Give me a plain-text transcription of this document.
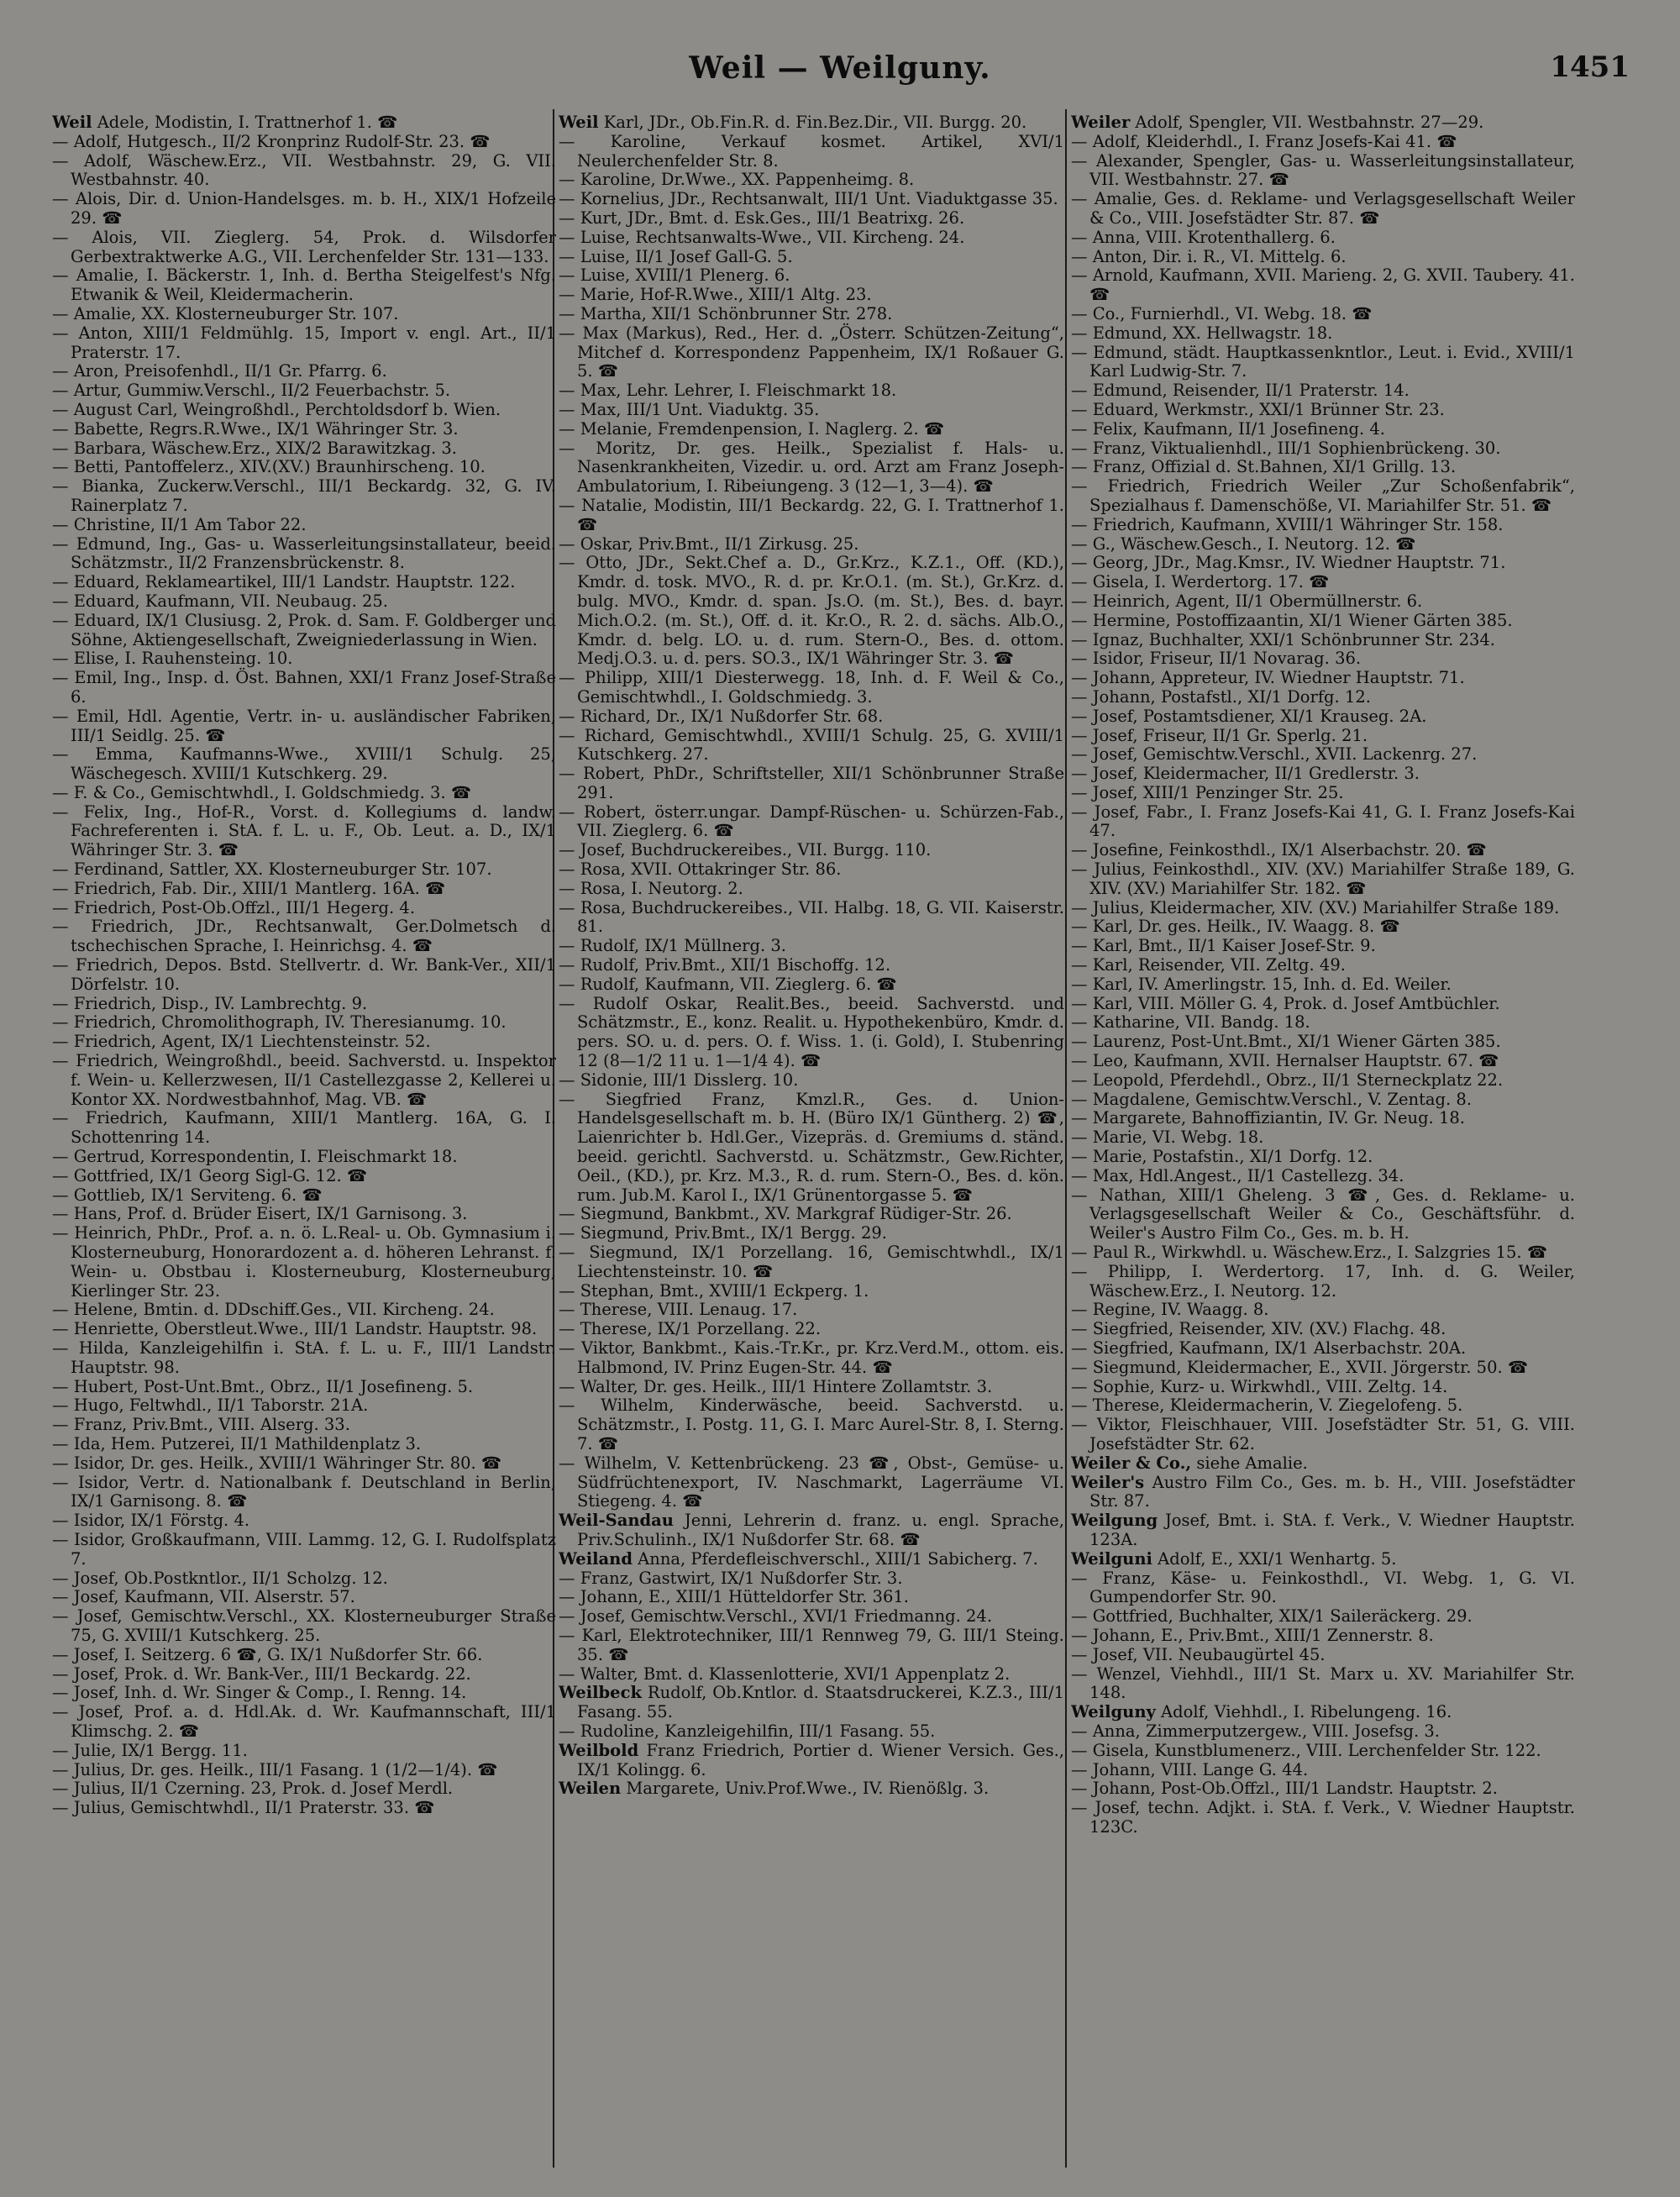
Weil — Weilguny.	1451

Weil Adele, Modistin, I. Trattnerhof 1. ☎

— Adolf, Hutgesch., II/2 Kronprinz Rudolf-Str. 23. ☎

— Adolf, Wäschew.Erz., VII. Westbahnstr. 29, G. VII. Westbahnstr. 40.

— Alois, Dir. d. Union-Handelsges. m. b. H., XIX/1 Hofzeile 29. ☎

— Alois, VII. Zieglerg. 54, Prok. d. Wilsdorfer Gerbextraktwerke A.G., VII. Lerchenfelder Str. 131—133.

— Amalie, I. Bäckerstr. 1, Inh. d. Bertha Steigelfest's Nfg. Etwanik & Weil, Kleidermacherin.

— Amalie, XX. Klosterneuburger Str. 107.

— Anton, XIII/1 Feldmühlg. 15, Import v. engl. Art., II/1 Praterstr. 17.

— Aron, Preisofenhdl., II/1 Gr. Pfarrg. 6.

— Artur, Gummiw.Verschl., II/2 Feuerbachstr. 5.

— August Carl, Weingroßhdl., Perchtoldsdorf b. Wien.

— Babette, Regrs.R.Wwe., IX/1 Währinger Str. 3.

— Barbara, Wäschew.Erz., XIX/2 Barawitzkag. 3.

— Betti, Pantoffelerz., XIV.(XV.) Braunhirscheng. 10.

— Bianka, Zuckerw.Verschl., III/1 Beckardg. 32, G. IV. Rainerplatz 7.

— Christine, II/1 Am Tabor 22.

— Edmund, Ing., Gas- u. Wasserleitungsinstallateur, beeid. Schätzmstr., II/2 Franzensbrückenstr. 8.

— Eduard, Reklameartikel, III/1 Landstr. Hauptstr. 122.

— Eduard, Kaufmann, VII. Neubaug. 25.

— Eduard, IX/1 Clusiusg. 2, Prok. d. Sam. F. Goldberger und Söhne, Aktiengesellschaft, Zweigniederlassung in Wien.

— Elise, I. Rauhensteing. 10.

— Emil, Ing., Insp. d. Öst. Bahnen, XXI/1 Franz Josef-Straße 6.

— Emil, Hdl. Agentie, Vertr. in- u. ausländischer Fabriken, III/1 Seidlg. 25. ☎

— Emma, Kaufmanns-Wwe., XVIII/1 Schulg. 25, Wäschegesch. XVIII/1 Kutschkerg. 29.

— F. & Co., Gemischtwhdl., I. Goldschmiedg. 3. ☎

— Felix, Ing., Hof-R., Vorst. d. Kollegiums d. landw. Fachreferenten i. StA. f. L. u. F., Ob. Leut. a. D., IX/1 Währinger Str. 3. ☎

— Ferdinand, Sattler, XX. Klosterneuburger Str. 107.

— Friedrich, Fab. Dir., XIII/1 Mantlerg. 16A. ☎

— Friedrich, Post-Ob.Offzl., III/1 Hegerg. 4.

— Friedrich, JDr., Rechtsanwalt, Ger.Dolmetsch d. tschechischen Sprache, I. Heinrichsg. 4. ☎

— Friedrich, Depos. Bstd. Stellvertr. d. Wr. Bank-Ver., XII/1 Dörfelstr. 10.

— Friedrich, Disp., IV. Lambrechtg. 9.

— Friedrich, Chromolithograph, IV. Theresianumg. 10.

— Friedrich, Agent, IX/1 Liechtensteinstr. 52.

— Friedrich, Weingroßhdl., beeid. Sachverstd. u. Inspektor f. Wein- u. Kellerzwesen, II/1 Castellezgasse 2, Kellerei u. Kontor XX. Nordwestbahnhof, Mag. VB. ☎

— Friedrich, Kaufmann, XIII/1 Mantlerg. 16A, G. I. Schottenring 14.

— Gertrud, Korrespondentin, I. Fleischmarkt 18.

— Gottfried, IX/1 Georg Sigl-G. 12. ☎

— Gottlieb, IX/1 Serviteng. 6. ☎

— Hans, Prof. d. Brüder Eisert, IX/1 Garnisong. 3.

— Heinrich, PhDr., Prof. a. n. ö. L.Real- u. Ob. Gymnasium i. Klosterneuburg, Honorardozent a. d. höheren Lehranst. f. Wein- u. Obstbau i. Klosterneuburg, Klosterneuburg, Kierlinger Str. 23.

— Helene, Bmtin. d. DDschiff.Ges., VII. Kircheng. 24.

— Henriette, Oberstleut.Wwe., III/1 Landstr. Hauptstr. 98.

— Hilda, Kanzleigehilfin i. StA. f. L. u. F., III/1 Landstr. Hauptstr. 98.

— Hubert, Post-Unt.Bmt., Obrz., II/1 Josefineng. 5.

— Hugo, Feltwhdl., II/1 Taborstr. 21A.

— Franz, Priv.Bmt., VIII. Alserg. 33.

— Ida, Hem. Putzerei, II/1 Mathildenplatz 3.

— Isidor, Dr. ges. Heilk., XVIII/1 Währinger Str. 80. ☎

— Isidor, Vertr. d. Nationalbank f. Deutschland in Berlin, IX/1 Garnisong. 8. ☎

— Isidor, IX/1 Förstg. 4.

— Isidor, Großkaufmann, VIII. Lammg. 12, G. I. Rudolfsplatz 7.

— Josef, Ob.Postkntlor., II/1 Scholzg. 12.

— Josef, Kaufmann, VII. Alserstr. 57.

— Josef, Gemischtw.Verschl., XX. Klosterneuburger Straße 75, G. XVIII/1 Kutschkerg. 25.

— Josef, I. Seitzerg. 6 ☎, G. IX/1 Nußdorfer Str. 66.

— Josef, Prok. d. Wr. Bank-Ver., III/1 Beckardg. 22.

— Josef, Inh. d. Wr. Singer & Comp., I. Renng. 14.

— Josef, Prof. a. d. Hdl.Ak. d. Wr. Kaufmannschaft, III/1 Klimschg. 2. ☎

— Julie, IX/1 Bergg. 11.

— Julius, Dr. ges. Heilk., III/1 Fasang. 1 (1/2—1/4). ☎

— Julius, II/1 Czerning. 23, Prok. d. Josef Merdl.

— Julius, Gemischtwhdl., II/1 Praterstr. 33. ☎

Weil Karl, JDr., Ob.Fin.R. d. Fin.Bez.Dir., VII. Burgg. 20.

— Karoline, Verkauf kosmet. Artikel, XVI/1 Neulerchenfelder Str. 8.

— Karoline, Dr.Wwe., XX. Pappenheimg. 8.

— Kornelius, JDr., Rechtsanwalt, III/1 Unt. Viaduktgasse 35.

— Kurt, JDr., Bmt. d. Esk.Ges., III/1 Beatrixg. 26.

— Luise, Rechtsanwalts-Wwe., VII. Kircheng. 24.

— Luise, II/1 Josef Gall-G. 5.

— Luise, XVIII/1 Plenerg. 6.

— Marie, Hof-R.Wwe., XIII/1 Altg. 23.

— Martha, XII/1 Schönbrunner Str. 278.

— Max (Markus), Red., Her. d. „Österr. Schützen-Zeitung“, Mitchef d. Korrespondenz Pappenheim, IX/1 Roßauer G. 5. ☎

— Max, Lehr. Lehrer, I. Fleischmarkt 18.

— Max, III/1 Unt. Viaduktg. 35.

— Melanie, Fremdenpension, I. Naglerg. 2. ☎

— Moritz, Dr. ges. Heilk., Spezialist f. Hals- u. Nasenkrankheiten, Vizedir. u. ord. Arzt am Franz Joseph-Ambulatorium, I. Ribeiungeng. 3 (12—1, 3—4). ☎

— Natalie, Modistin, III/1 Beckardg. 22, G. I. Trattnerhof 1. ☎

— Oskar, Priv.Bmt., II/1 Zirkusg. 25.

— Otto, JDr., Sekt.Chef a. D., Gr.Krz., K.Z.1., Off. (KD.), Kmdr. d. tosk. MVO., R. d. pr. Kr.O.1. (m. St.), Gr.Krz. d. bulg. MVO., Kmdr. d. span. Js.O. (m. St.), Bes. d. bayr. Mich.O.2. (m. St.), Off. d. it. Kr.O., R. 2. d. sächs. Alb.O., Kmdr. d. belg. LO. u. d. rum. Stern-O., Bes. d. ottom. Medj.O.3. u. d. pers. SO.3., IX/1 Währinger Str. 3. ☎

— Philipp, XIII/1 Diesterwegg. 18, Inh. d. F. Weil & Co., Gemischtwhdl., I. Goldschmiedg. 3.

— Richard, Dr., IX/1 Nußdorfer Str. 68.

— Richard, Gemischtwhdl., XVIII/1 Schulg. 25, G. XVIII/1 Kutschkerg. 27.

— Robert, PhDr., Schriftsteller, XII/1 Schönbrunner Straße 291.

— Robert, österr.ungar. Dampf-Rüschen- u. Schürzen-Fab., VII. Zieglerg. 6. ☎

— Josef, Buchdruckereibes., VII. Burgg. 110.

— Rosa, XVII. Ottakringer Str. 86.

— Rosa, I. Neutorg. 2.

— Rosa, Buchdruckereibes., VII. Halbg. 18, G. VII. Kaiserstr. 81.

— Rudolf, IX/1 Müllnerg. 3.

— Rudolf, Priv.Bmt., XII/1 Bischoffg. 12.

— Rudolf, Kaufmann, VII. Zieglerg. 6. ☎

— Rudolf Oskar, Realit.Bes., beeid. Sachverstd. und Schätzmstr., E., konz. Realit. u. Hypothekenbüro, Kmdr. d. pers. SO. u. d. pers. O. f. Wiss. 1. (i. Gold), I. Stubenring 12 (8—1/2 11 u. 1—1/4 4). ☎

— Sidonie, III/1 Disslerg. 10.

— Siegfried Franz, Kmzl.R., Ges. d. Union-Handelsgesellschaft m. b. H. (Büro IX/1 Güntherg. 2) ☎, Laienrichter b. Hdl.Ger., Vizepräs. d. Gremiums d. ständ. beeid. gerichtl. Sachverstd. u. Schätzmstr., Gew.Richter, Oeil., (KD.), pr. Krz. M.3., R. d. rum. Stern-O., Bes. d. kön. rum. Jub.M. Karol I., IX/1 Grünentorgasse 5. ☎

— Siegmund, Bankbmt., XV. Markgraf Rüdiger-Str. 26.

— Siegmund, Priv.Bmt., IX/1 Bergg. 29.

— Siegmund, IX/1 Porzellang. 16, Gemischtwhdl., IX/1 Liechtensteinstr. 10. ☎

— Stephan, Bmt., XVIII/1 Eckperg. 1.

— Therese, VIII. Lenaug. 17.

— Therese, IX/1 Porzellang. 22.

— Viktor, Bankbmt., Kais.-Tr.Kr., pr. Krz.Verd.M., ottom. eis. Halbmond, IV. Prinz Eugen-Str. 44. ☎

— Walter, Dr. ges. Heilk., III/1 Hintere Zollamtstr. 3.

— Wilhelm, Kinderwäsche, beeid. Sachverstd. u. Schätzmstr., I. Postg. 11, G. I. Marc Aurel-Str. 8, I. Sterng. 7. ☎

— Wilhelm, V. Kettenbrückeng. 23 ☎, Obst-, Gemüse- u. Südfrüchtenexport, IV. Naschmarkt, Lagerräume VI. Stiegeng. 4. ☎

Weil-Sandau Jenni, Lehrerin d. franz. u. engl. Sprache, Priv.Schulinh., IX/1 Nußdorfer Str. 68. ☎

Weiland Anna, Pferdefleischverschl., XIII/1 Sabicherg. 7.

— Franz, Gastwirt, IX/1 Nußdorfer Str. 3.

— Johann, E., XIII/1 Hütteldorfer Str. 361.

— Josef, Gemischtw.Verschl., XVI/1 Friedmanng. 24.

— Karl, Elektrotechniker, III/1 Rennweg 79, G. III/1 Steing. 35. ☎

— Walter, Bmt. d. Klassenlotterie, XVI/1 Appenplatz 2.

Weilbeck Rudolf, Ob.Kntlor. d. Staatsdruckerei, K.Z.3., III/1 Fasang. 55.

— Rudoline, Kanzleigehilfin, III/1 Fasang. 55.

Weilbold Franz Friedrich, Portier d. Wiener Versich. Ges., IX/1 Kolingg. 6.

Weilen Margarete, Univ.Prof.Wwe., IV. Rienößlg. 3.

Weiler Adolf, Spengler, VII. Westbahnstr. 27—29.

— Adolf, Kleiderhdl., I. Franz Josefs-Kai 41. ☎

— Alexander, Spengler, Gas- u. Wasserleitungsinstallateur, VII. Westbahnstr. 27. ☎

— Amalie, Ges. d. Reklame- und Verlagsgesellschaft Weiler & Co., VIII. Josefstädter Str. 87. ☎

— Anna, VIII. Krotenthallerg. 6.

— Anton, Dir. i. R., VI. Mittelg. 6.

— Arnold, Kaufmann, XVII. Marieng. 2, G. XVII. Taubery. 41. ☎

— Co., Furnierhdl., VI. Webg. 18. ☎

— Edmund, XX. Hellwagstr. 18.

— Edmund, städt. Hauptkassenkntlor., Leut. i. Evid., XVIII/1 Karl Ludwig-Str. 7.

— Edmund, Reisender, II/1 Praterstr. 14.

— Eduard, Werkmstr., XXI/1 Brünner Str. 23.

— Felix, Kaufmann, II/1 Josefineng. 4.

— Franz, Viktualienhdl., III/1 Sophienbrückeng. 30.

— Franz, Offizial d. St.Bahnen, XI/1 Grillg. 13.

— Friedrich, Friedrich Weiler „Zur Schoßenfabrik“, Spezialhaus f. Damenschöße, VI. Mariahilfer Str. 51. ☎

— Friedrich, Kaufmann, XVIII/1 Währinger Str. 158.

— G., Wäschew.Gesch., I. Neutorg. 12. ☎

— Georg, JDr., Mag.Kmsr., IV. Wiedner Hauptstr. 71.

— Gisela, I. Werdertorg. 17. ☎

— Heinrich, Agent, II/1 Obermüllnerstr. 6.

— Hermine, Postoffizaantin, XI/1 Wiener Gärten 385.

— Ignaz, Buchhalter, XXI/1 Schönbrunner Str. 234.

— Isidor, Friseur, II/1 Novarag. 36.

— Johann, Appreteur, IV. Wiedner Hauptstr. 71.

— Johann, Postafstl., XI/1 Dorfg. 12.

— Josef, Postamtsdiener, XI/1 Krauseg. 2A.

— Josef, Friseur, II/1 Gr. Sperlg. 21.

— Josef, Gemischtw.Verschl., XVII. Lackenrg. 27.

— Josef, Kleidermacher, II/1 Gredlerstr. 3.

— Josef, XIII/1 Penzinger Str. 25.

— Josef, Fabr., I. Franz Josefs-Kai 41, G. I. Franz Josefs-Kai 47.

— Josefine, Feinkosthdl., IX/1 Alserbachstr. 20. ☎

— Julius, Feinkosthdl., XIV. (XV.) Mariahilfer Straße 189, G. XIV. (XV.) Mariahilfer Str. 182. ☎

— Julius, Kleidermacher, XIV. (XV.) Mariahilfer Straße 189.

— Karl, Dr. ges. Heilk., IV. Waagg. 8. ☎

— Karl, Bmt., II/1 Kaiser Josef-Str. 9.

— Karl, Reisender, VII. Zeltg. 49.

— Karl, IV. Amerlingstr. 15, Inh. d. Ed. Weiler.

— Karl, VIII. Möller G. 4, Prok. d. Josef Amtbüchler.

— Katharine, VII. Bandg. 18.

— Laurenz, Post-Unt.Bmt., XI/1 Wiener Gärten 385.

— Leo, Kaufmann, XVII. Hernalser Hauptstr. 67. ☎

— Leopold, Pferdehdl., Obrz., II/1 Sterneckplatz 22.

— Magdalene, Gemischtw.Verschl., V. Zentag. 8.

— Margarete, Bahnoffiziantin, IV. Gr. Neug. 18.

— Marie, VI. Webg. 18.

— Marie, Postafstin., XI/1 Dorfg. 12.

— Max, Hdl.Angest., II/1 Castellezg. 34.

— Nathan, XIII/1 Gheleng. 3 ☎, Ges. d. Reklame- u. Verlagsgesellschaft Weiler & Co., Geschäftsführ. d. Weiler's Austro Film Co., Ges. m. b. H.

— Paul R., Wirkwhdl. u. Wäschew.Erz., I. Salzgries 15. ☎

— Philipp, I. Werdertorg. 17, Inh. d. G. Weiler, Wäschew.Erz., I. Neutorg. 12.

— Regine, IV. Waagg. 8.

— Siegfried, Reisender, XIV. (XV.) Flachg. 48.

— Siegfried, Kaufmann, IX/1 Alserbachstr. 20A.

— Siegmund, Kleidermacher, E., XVII. Jörgerstr. 50. ☎

— Sophie, Kurz- u. Wirkwhdl., VIII. Zeltg. 14.

— Therese, Kleidermacherin, V. Ziegelofeng. 5.

— Viktor, Fleischhauer, VIII. Josefstädter Str. 51, G. VIII. Josefstädter Str. 62.

Weiler & Co., siehe Amalie.

Weiler's Austro Film Co., Ges. m. b. H., VIII. Josefstädter Str. 87.

Weilgung Josef, Bmt. i. StA. f. Verk., V. Wiedner Hauptstr. 123A.

Weilguni Adolf, E., XXI/1 Wenhartg. 5.

— Franz, Käse- u. Feinkosthdl., VI. Webg. 1, G. VI. Gumpendorfer Str. 90.

— Gottfried, Buchhalter, XIX/1 Saileräckerg. 29.

— Johann, E., Priv.Bmt., XIII/1 Zennerstr. 8.

— Josef, VII. Neubaugürtel 45.

— Wenzel, Viehhdl., III/1 St. Marx u. XV. Mariahilfer Str. 148.

Weilguny Adolf, Viehhdl., I. Ribelungeng. 16.

— Anna, Zimmerputzergew., VIII. Josefsg. 3.

— Gisela, Kunstblumenerz., VIII. Lerchenfelder Str. 122.

— Johann, VIII. Lange G. 44.

— Johann, Post-Ob.Offzl., III/1 Landstr. Hauptstr. 2.

— Josef, techn. Adjkt. i. StA. f. Verk., V. Wiedner Hauptstr. 123C.
